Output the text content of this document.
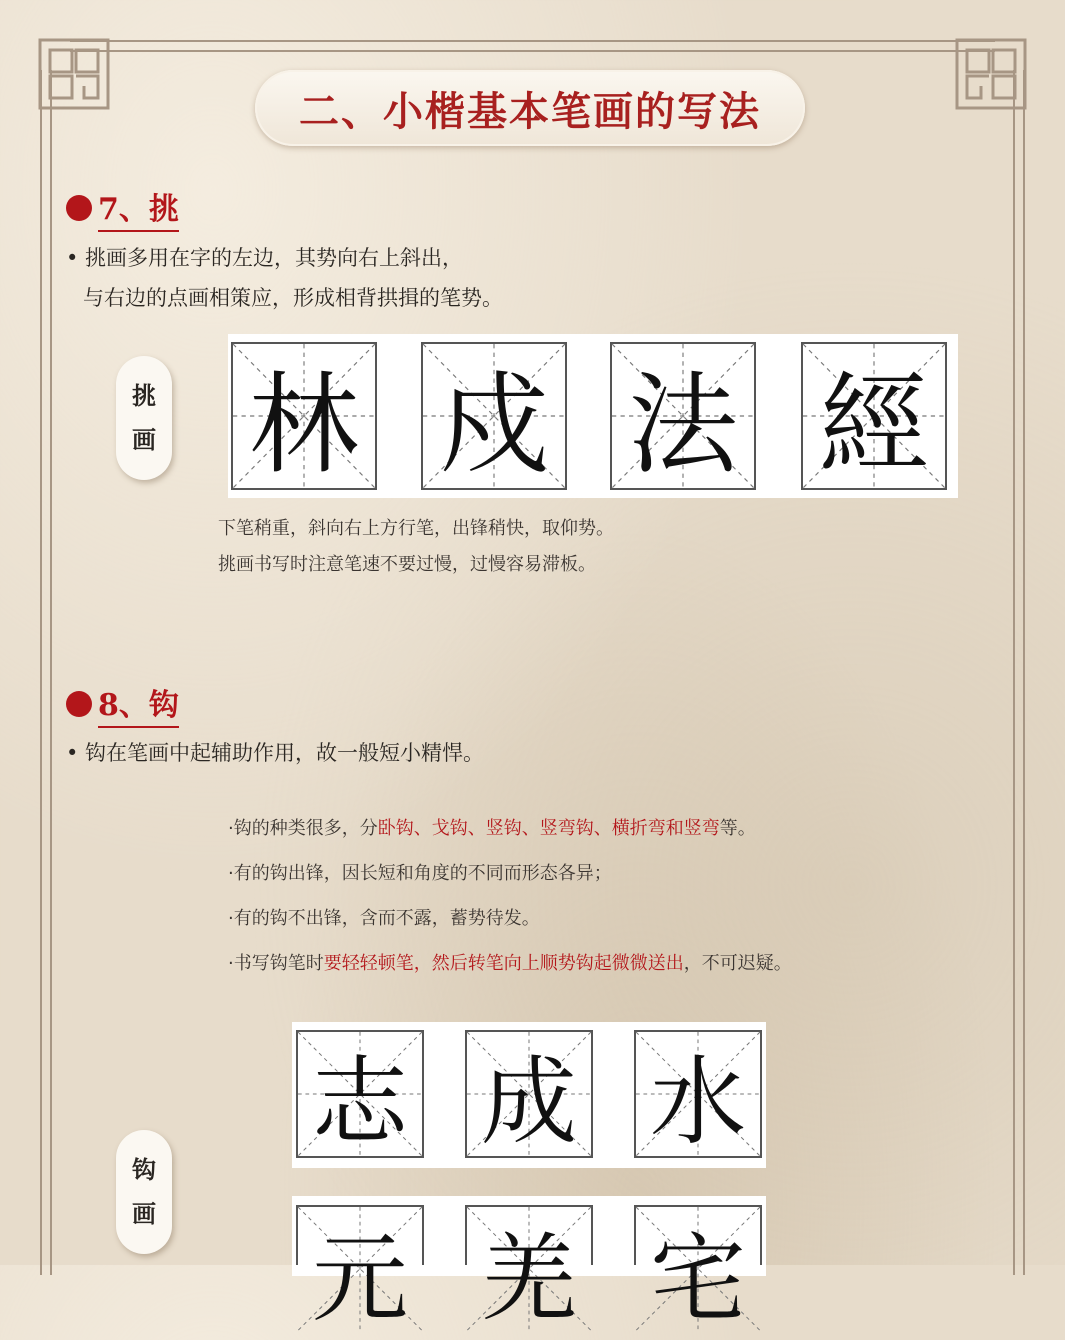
二、小楷基本笔画的写法
7、挑
• 挑画多用在字的左边，其势向右上斜出，
与右边的点画相策应，形成相背拱揖的笔势。
挑
画 林 戍 法 經
下笔稍重，斜向右上方行笔，出锋稍快，取仰势。
挑画书写时注意笔速不要过慢，过慢容易滞板。
8、钩
• 钩在笔画中起辅助作用，故一般短小精悍。
·钩的种类很多，分卧钩、戈钩、竖钩、竖弯钩、横折弯和竖弯等。
·有的钩出锋，因长短和角度的不同而形态各异；
·有的钩不出锋，含而不露，蓄势待发。
·书写钩笔时要轻轻顿笔，然后转笔向上顺势钩起微微送出，不可迟疑。
钩
画
志 成 水
元 羌 宅
